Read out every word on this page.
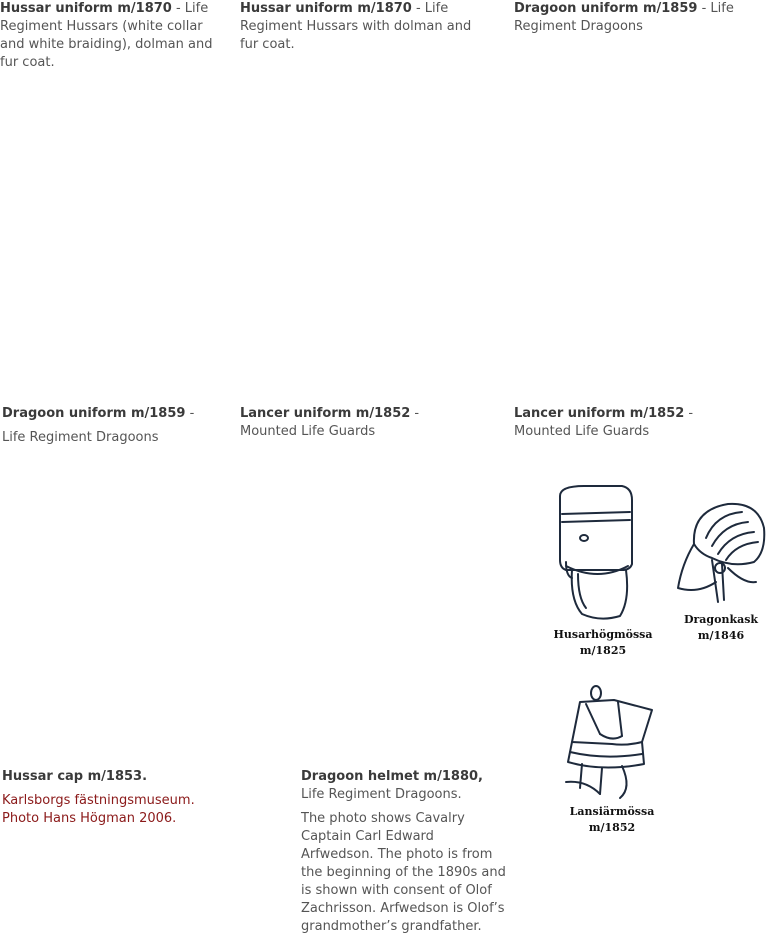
Hussar uniform m/1870 - Life Regiment Hussars (white collar and white braiding), dolman and fur coat.

Hussar uniform m/1870 - Life Regiment Hussars with dolman and fur coat.

Dragoon uniform m/1859 - Life Regiment Dragoons

Dragoon uniform m/1859 -
Life Regiment Dragoons

Lancer uniform m/1852 - Mounted Life Guards

Lancer uniform m/1852 - Mounted Life Guards

Hussar cap m/1853.
Karlsborgs fästningsmuseum.
Photo Hans Högman 2006.
Dragoon helmet m/1880, Life Regiment Dragoons.
The photo shows Cavalry Captain Carl Edward Arfwedson. The photo is from the beginning of the 1890s and is shown with consent of Olof Zachrisson. Arfwedson is Olof’s grandmother’s grandfather.
Husarhögmössa
m/1825
Dragonkask
m/1846
Lansiärmössa
m/1852
